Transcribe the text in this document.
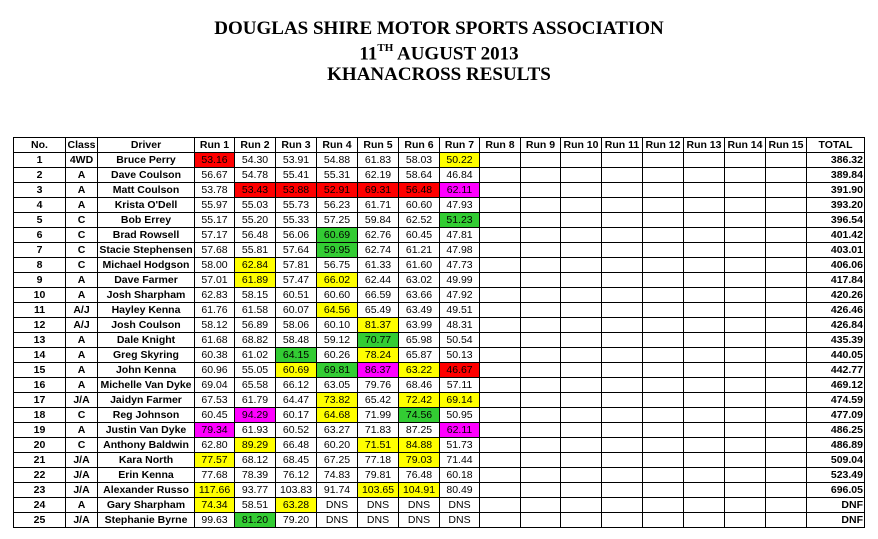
DOUGLAS SHIRE MOTOR SPORTS ASSOCIATION

11TH AUGUST 2013

KHANACROSS RESULTS

No.	Class	Driver	Run 1	Run 2	Run 3	Run 4	Run 5	Run 6	Run 7	Run 8	Run 9	Run 10	Run 11	Run 12	Run 13	Run 14	Run 15	TOTAL
1	4WD	Bruce Perry	53.16	54.30	53.91	54.88	61.83	58.03	50.22									386.32
2	A	Dave Coulson	56.67	54.78	55.41	55.31	62.19	58.64	46.84									389.84
3	A	Matt Coulson	53.78	53.43	53.88	52.91	69.31	56.48	62.11									391.90
4	A	Krista O'Dell	55.97	55.03	55.73	56.23	61.71	60.60	47.93									393.20
5	C	Bob Errey	55.17	55.20	55.33	57.25	59.84	62.52	51.23									396.54
6	C	Brad Rowsell	57.17	56.48	56.06	60.69	62.76	60.45	47.81									401.42
7	C	Stacie Stephensen	57.68	55.81	57.64	59.95	62.74	61.21	47.98									403.01
8	C	Michael Hodgson	58.00	62.84	57.81	56.75	61.33	61.60	47.73									406.06
9	A	Dave Farmer	57.01	61.89	57.47	66.02	62.44	63.02	49.99									417.84
10	A	Josh Sharpham	62.83	58.15	60.51	60.60	66.59	63.66	47.92									420.26
11	A/J	Hayley Kenna	61.76	61.58	60.07	64.56	65.49	63.49	49.51									426.46
12	A/J	Josh Coulson	58.12	56.89	58.06	60.10	81.37	63.99	48.31									426.84
13	A	Dale Knight	61.68	68.82	58.48	59.12	70.77	65.98	50.54									435.39
14	A	Greg Skyring	60.38	61.02	64.15	60.26	78.24	65.87	50.13									440.05
15	A	John Kenna	60.96	55.05	60.69	69.81	86.37	63.22	46.67									442.77
16	A	Michelle Van Dyke	69.04	65.58	66.12	63.05	79.76	68.46	57.11									469.12
17	J/A	Jaidyn Farmer	67.53	61.79	64.47	73.82	65.42	72.42	69.14									474.59
18	C	Reg Johnson	60.45	94.29	60.17	64.68	71.99	74.56	50.95									477.09
19	A	Justin Van Dyke	79.34	61.93	60.52	63.27	71.83	87.25	62.11									486.25
20	C	Anthony Baldwin	62.80	89.29	66.48	60.20	71.51	84.88	51.73									486.89
21	J/A	Kara North	77.57	68.12	68.45	67.25	77.18	79.03	71.44									509.04
22	J/A	Erin Kenna	77.68	78.39	76.12	74.83	79.81	76.48	60.18									523.49
23	J/A	Alexander Russo	117.66	93.77	103.83	91.74	103.65	104.91	80.49									696.05
24	A	Gary Sharpham	74.34	58.51	63.28	DNS	DNS	DNS	DNS									DNF
25	J/A	Stephanie Byrne	99.63	81.20	79.20	DNS	DNS	DNS	DNS									DNF
